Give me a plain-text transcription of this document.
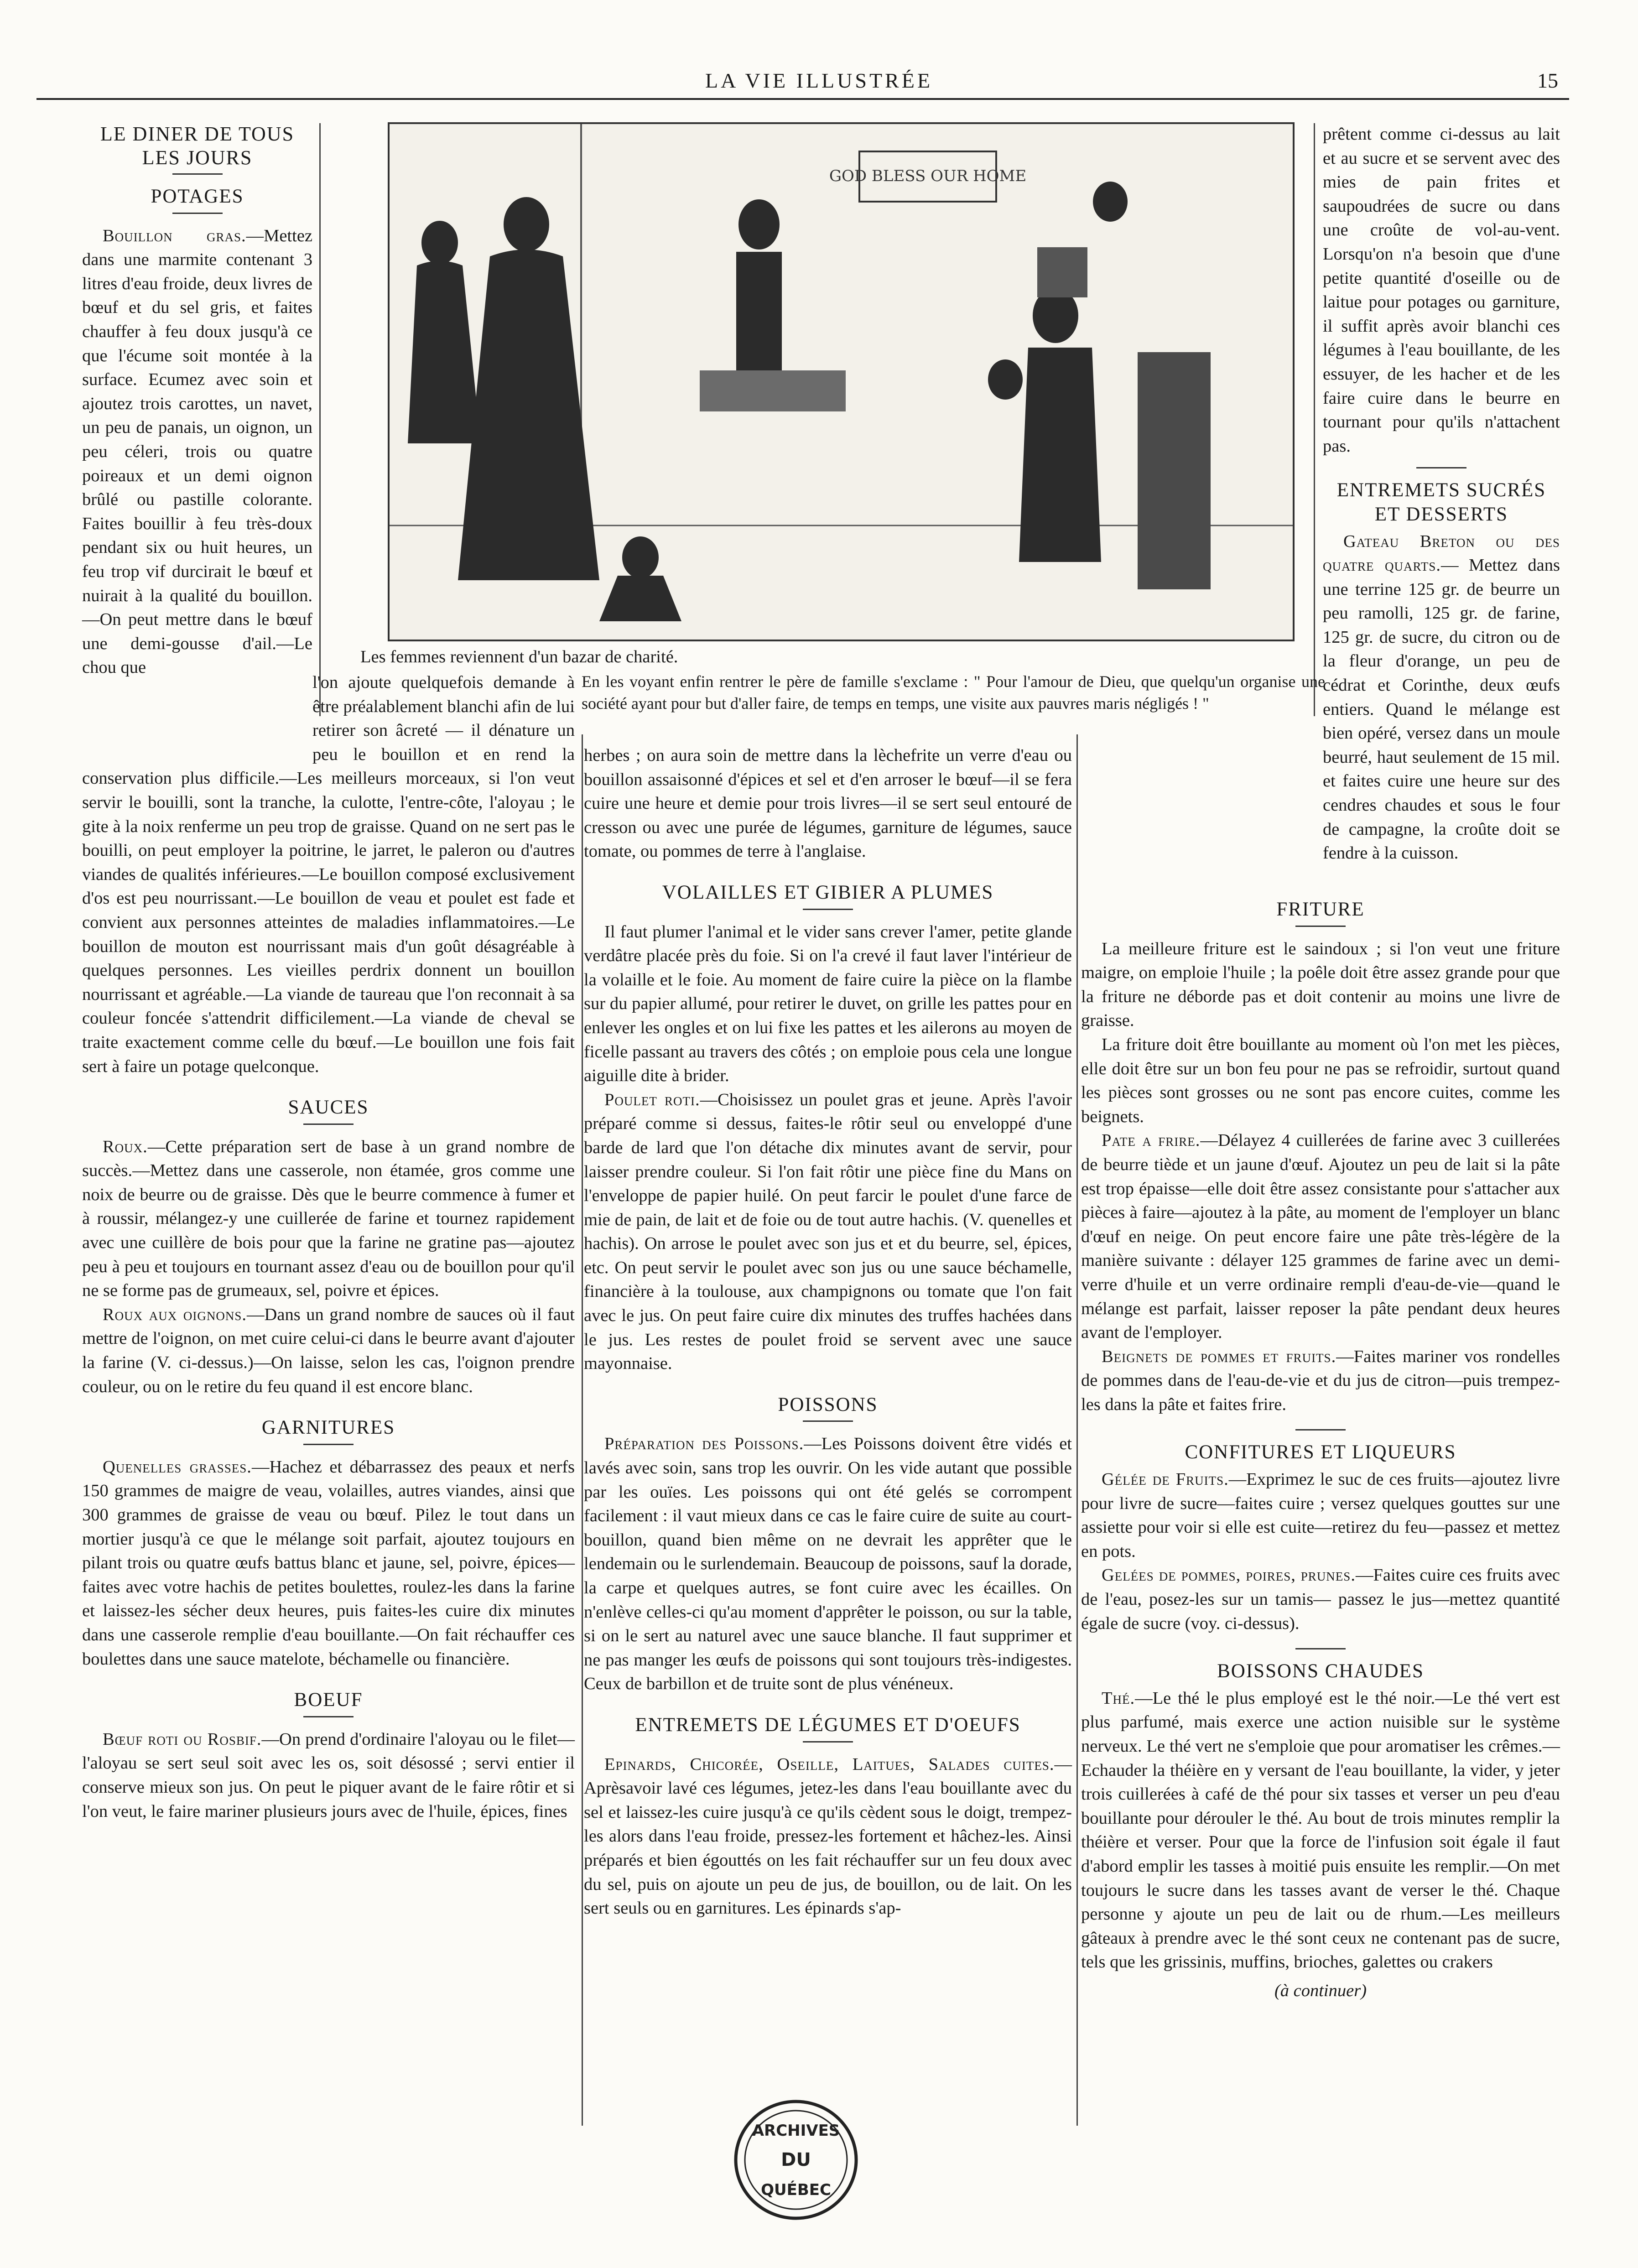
LA VIE ILLUSTRÉE	15
LE DINER DE TOUS LES JOURS
POTAGES

Bouillon gras.—Mettez dans une marmite contenant 3 litres d'eau froide, deux livres de bœuf et du sel gris, et faites chauffer à feu doux jusqu'à ce que l'écume soit montée à la surface. Ecumez avec soin et ajoutez trois carottes, un navet, un peu de panais, un oignon, un peu céleri, trois ou quatre poireaux et un demi oignon brûlé ou pastille colorante. Faites bouillir à feu très-doux pendant six ou huit heures, un feu trop vif durcirait le bœuf et nuirait à la qualité du bouillon.—On peut mettre dans le bœuf une demi-gousse d'ail.—Le chou que

GOD BLESS OUR HOME
Les femmes reviennent d'un bazar de charité.

l'on ajoute quelquefois demande à être préalablement blanchi afin de lui retirer son âcreté — il dénature un peu le bouillon et en rend la conservation plus difficile.—Les meilleurs morceaux, si l'on veut servir le bouilli, sont la tranche, la culotte, l'entre-côte, l'aloyau ; le gite à la noix renferme un peu trop de graisse. Quand on ne sert pas le bouilli, on peut employer la poitrine, le jarret, le paleron ou d'autres viandes de qualités inférieures.—Le bouillon composé exclusivement d'os est peu nourrissant.—Le bouillon de veau et poulet est fade et convient aux personnes atteintes de maladies inflammatoires.—Le bouillon de mouton est nourrissant mais d'un goût désagréable à quelques personnes. Les vieilles perdrix donnent un bouillon nourrissant et agréable.—La viande de taureau que l'on reconnait à sa couleur foncée s'attendrit difficilement.—La viande de cheval se traite exactement comme celle du bœuf.—Le bouillon une fois fait sert à faire un potage quelconque.

SAUCES

Roux.—Cette préparation sert de base à un grand nombre de succès.—Mettez dans une casserole, non étamée, gros comme une noix de beurre ou de graisse. Dès que le beurre commence à fumer et à roussir, mélangez-y une cuillerée de farine et tournez rapidement avec une cuillère de bois pour que la farine ne gratine pas—ajoutez peu à peu et toujours en tournant assez d'eau ou de bouillon pour qu'il ne se forme pas de grumeaux, sel, poivre et épices.

Roux aux oignons.—Dans un grand nombre de sauces où il faut mettre de l'oignon, on met cuire celui-ci dans le beurre avant d'ajouter la farine (V. ci-dessus.)—On laisse, selon les cas, l'oignon prendre couleur, ou on le retire du feu quand il est encore blanc.

GARNITURES

Quenelles grasses.—Hachez et débarrassez des peaux et nerfs 150 grammes de maigre de veau, volailles, autres viandes, ainsi que 300 grammes de graisse de veau ou bœuf. Pilez le tout dans un mortier jusqu'à ce que le mélange soit parfait, ajoutez toujours en pilant trois ou quatre œufs battus blanc et jaune, sel, poivre, épices—faites avec votre hachis de petites boulettes, roulez-les dans la farine et laissez-les sécher deux heures, puis faites-les cuire dix minutes dans une casserole remplie d'eau bouillante.—On fait réchauffer ces boulettes dans une sauce matelote, béchamelle ou financière.

BOEUF

Bœuf roti ou Rosbif.—On prend d'ordinaire l'aloyau ou le filet—l'aloyau se sert seul soit avec les os, soit désossé ; servi entier il conserve mieux son jus. On peut le piquer avant de le faire rôtir et si l'on veut, le faire mariner plusieurs jours avec de l'huile, épices, fines

herbes ; on aura soin de mettre dans la lèchefrite un verre d'eau ou bouillon assaisonné d'épices et sel et d'en arroser le bœuf—il se fera cuire une heure et demie pour trois livres—il se sert seul entouré de cresson ou avec une purée de légumes, garniture de légumes, sauce tomate, ou pommes de terre à l'anglaise.

VOLAILLES ET GIBIER A PLUMES

Il faut plumer l'animal et le vider sans crever l'amer, petite glande verdâtre placée près du foie. Si on l'a crevé il faut laver l'intérieur de la volaille et le foie. Au moment de faire cuire la pièce on la flambe sur du papier allumé, pour retirer le duvet, on grille les pattes pour en enlever les ongles et on lui fixe les pattes et les ailerons au moyen de ficelle passant au travers des côtés ; on emploie pous cela une longue aiguille dite à brider.

Poulet roti.—Choisissez un poulet gras et jeune. Après l'avoir préparé comme si dessus, faites-le rôtir seul ou enveloppé d'une barde de lard que l'on détache dix minutes avant de servir, pour laisser prendre couleur. Si l'on fait rôtir une pièce fine du Mans on l'enveloppe de papier huilé. On peut farcir le poulet d'une farce de mie de pain, de lait et de foie ou de tout autre hachis. (V. quenelles et hachis). On arrose le poulet avec son jus et et du beurre, sel, épices, etc. On peut servir le poulet avec son jus ou une sauce béchamelle, financière à la toulouse, aux champignons ou tomate que l'on fait avec le jus. On peut faire cuire dix minutes des truffes hachées dans le jus. Les restes de poulet froid se servent avec une sauce mayonnaise.

POISSONS

Préparation des Poissons.—Les Poissons doivent être vidés et lavés avec soin, sans trop les ouvrir. On les vide autant que possible par les ouïes. Les poissons qui ont été gelés se corrompent facilement : il vaut mieux dans ce cas le faire cuire de suite au court-bouillon, quand bien même on ne devrait les apprêter que le lendemain ou le surlendemain. Beaucoup de poissons, sauf la dorade, la carpe et quelques autres, se font cuire avec les écailles. On n'enlève celles-ci qu'au moment d'apprêter le poisson, ou sur la table, si on le sert au naturel avec une sauce blanche. Il faut supprimer et ne pas manger les œufs de poissons qui sont toujours très-indigestes. Ceux de barbillon et de truite sont de plus vénéneux.

ENTREMETS DE LÉGUMES ET D'OEUFS

Epinards, Chicorée, Oseille, Laitues, Salades cuites.—Aprèsavoir lavé ces légumes, jetez-les dans l'eau bouillante avec du sel et laissez-les cuire jusqu'à ce qu'ils cèdent sous le doigt, trempez-les alors dans l'eau froide, pressez-les fortement et hâchez-les. Ainsi préparés et bien égouttés on les fait réchauffer sur un feu doux avec du sel, puis on ajoute un peu de jus, de bouillon, ou de lait. On les sert seuls ou en garnitures. Les épinards s'ap-

En les voyant enfin rentrer le père de famille s'exclame : " Pour l'amour de Dieu, que quelqu'un organise une société ayant pour but d'aller faire, de temps en temps, une visite aux pauvres maris négligés ! "

prêtent comme ci-dessus au lait et au sucre et se servent avec des mies de pain frites et saupoudrées de sucre ou dans une croûte de vol-au-vent. Lorsqu'on n'a besoin que d'une petite quantité d'oseille ou de laitue pour potages ou garniture, il suffit après avoir blanchi ces légumes à l'eau bouillante, de les essuyer, de les hacher et de les faire cuire dans le beurre en tournant pour qu'ils n'attachent pas.

ENTREMETS SUCRÉS ET DESSERTS

Gateau Breton ou des quatre quarts.— Mettez dans une terrine 125 gr. de beurre un peu ramolli, 125 gr. de farine, 125 gr. de sucre, du citron ou de la fleur d'orange, un peu de cédrat et Corinthe, deux œufs entiers. Quand le mélange est bien opéré, versez dans un moule beurré, haut seulement de 15 mil. et faites cuire une heure sur des cendres chaudes et sous le four de campagne, la croûte doit se fendre à la cuisson.

FRITURE

La meilleure friture est le saindoux ; si l'on veut une friture maigre, on emploie l'huile ; la poêle doit être assez grande pour que la friture ne déborde pas et doit contenir au moins une livre de graisse.

La friture doit être bouillante au moment où l'on met les pièces, elle doit être sur un bon feu pour ne pas se refroidir, surtout quand les pièces sont grosses ou ne sont pas encore cuites, comme les beignets.

Pate a frire.—Délayez 4 cuillerées de farine avec 3 cuillerées de beurre tiède et un jaune d'œuf. Ajoutez un peu de lait si la pâte est trop épaisse—elle doit être assez consistante pour s'attacher aux pièces à faire—ajoutez à la pâte, au moment de l'employer un blanc d'œuf en neige. On peut encore faire une pâte très-légère de la manière suivante : délayer 125 grammes de farine avec un demi-verre d'huile et un verre ordinaire rempli d'eau-de-vie—quand le mélange est parfait, laisser reposer la pâte pendant deux heures avant de l'employer.

Beignets de pommes et fruits.—Faites mariner vos rondelles de pommes dans de l'eau-de-vie et du jus de citron—puis trempez-les dans la pâte et faites frire.

CONFITURES ET LIQUEURS

Gélée de Fruits.—Exprimez le suc de ces fruits—ajoutez livre pour livre de sucre—faites cuire ; versez quelques gouttes sur une assiette pour voir si elle est cuite—retirez du feu—passez et mettez en pots.

Gelées de pommes, poires, prunes.—Faites cuire ces fruits avec de l'eau, posez-les sur un tamis— passez le jus—mettez quantité égale de sucre (voy. ci-dessus).

BOISSONS CHAUDES

Thé.—Le thé le plus employé est le thé noir.—Le thé vert est plus parfumé, mais exerce une action nuisible sur le système nerveux. Le thé vert ne s'emploie que pour aromatiser les crêmes.— Echauder la théière en y versant de l'eau bouillante, la vider, y jeter trois cuillerées à café de thé pour six tasses et verser un peu d'eau bouillante pour dérouler le thé. Au bout de trois minutes remplir la théière et verser. Pour que la force de l'infusion soit égale il faut d'abord emplir les tasses à moitié puis ensuite les remplir.—On met toujours le sucre dans les tasses avant de verser le thé. Chaque personne y ajoute un peu de lait ou de rhum.—Les meilleurs gâteaux à prendre avec le thé sont ceux ne contenant pas de sucre, tels que les grissinis, muffins, brioches, galettes ou crakers

(à continuer)
ARCHIVES
DU
QUÉBEC
